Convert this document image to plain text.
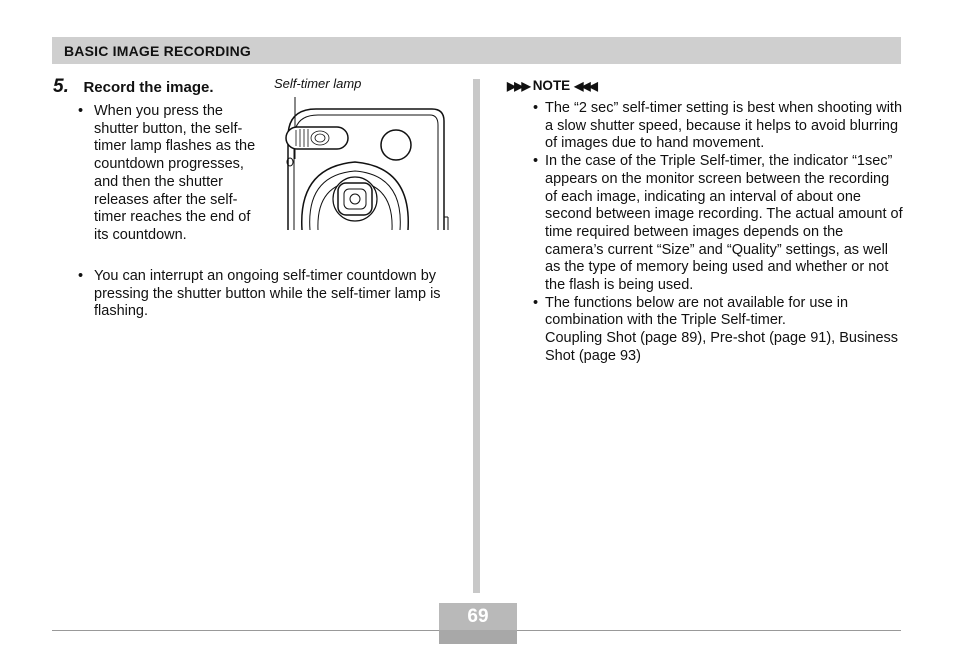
BASIC IMAGE RECORDING
5. Record the image.
• When you press the shutter button, the self-timer lamp flashes as the countdown progresses, and then the shutter releases after the self-timer reaches the end of its countdown.
• You can interrupt an ongoing self-timer countdown by pressing the shutter button while the self-timer lamp is flashing.
Self-timer lamp	▶▶▶ NOTE ◀◀◀
• The “2 sec” self-timer setting is best when shooting with a slow shutter speed, because it helps to avoid blurring of images due to hand movement.
• In the case of the Triple Self-timer, the indicator “1sec” appears on the monitor screen between the recording of each image, indicating an interval of about one second between image recording. The actual amount of time required between images depends on the camera’s current “Size” and “Quality” settings, as well as the type of memory being used and whether or not the flash is being used.
• The functions below are not available for use in combination with the Triple Self-timer.
Coupling Shot (page 89), Pre-shot (page 91), Business Shot (page 93)
69
